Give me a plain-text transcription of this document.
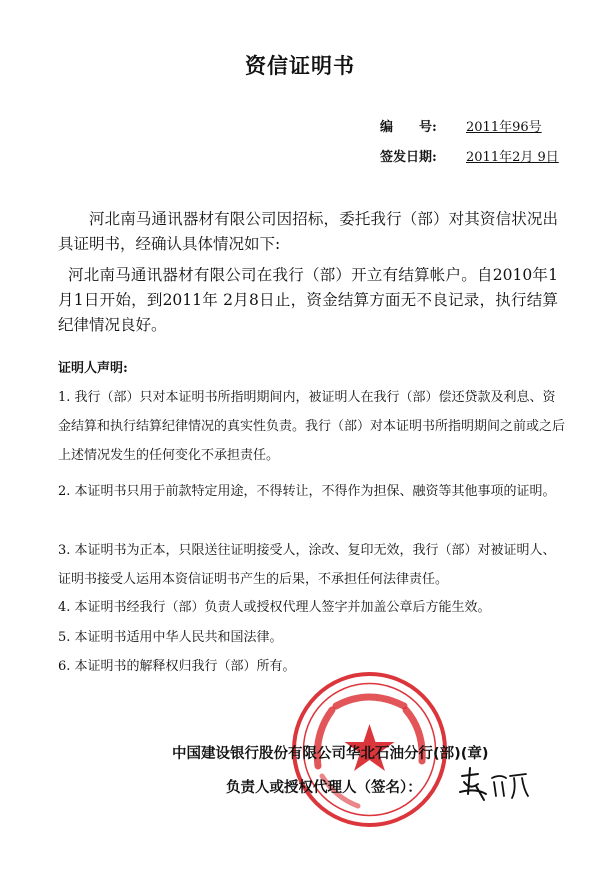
资信证明书
编　　号: 2011年96号
签发日期: 2011年2月 9日
河北南马通讯器材有限公司因招标，委托我行（部）对其资信状况出具证明书，经确认具体情况如下:
河北南马通讯器材有限公司在我行（部）开立有结算帐户。自2010年1月1日开始，到2011年 2月8日止，资金结算方面无不良记录，执行结算纪律情况良好。
证明人声明:
1. 我行（部）只对本证明书所指明期间内，被证明人在我行（部）偿还贷款及利息、资金结算和执行结算纪律情况的真实性负责。我行（部）对本证明书所指明期间之前或之后上述情况发生的任何变化不承担责任。
2. 本证明书只用于前款特定用途，不得转让，不得作为担保、融资等其他事项的证明。
3. 本证明书为正本，只限送往证明接受人，涂改、复印无效，我行（部）对被证明人、证明书接受人运用本资信证明书产生的后果，不承担任何法律责任。
4. 本证明书经我行（部）负责人或授权代理人签字并加盖公章后方能生效。
5. 本证明书适用中华人民共和国法律。
6. 本证明书的解释权归我行（部）所有。
中国建设银行股份有限公司华北石油分行(部)(章)
负责人或授权代理人（签名）：
